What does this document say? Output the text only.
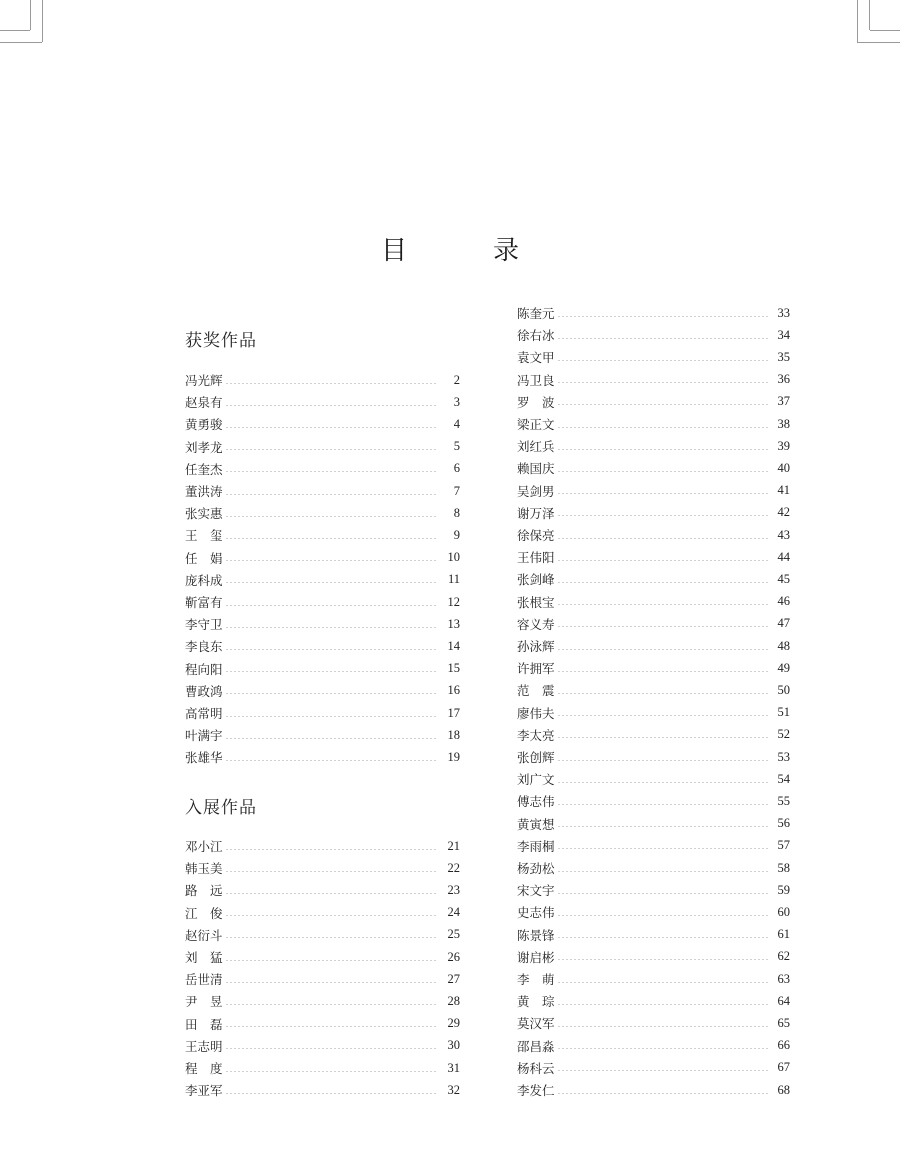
目　录
获奖作品
冯光辉	2
赵泉有	3
黄勇骏	4
刘孝龙	5
任奎杰	6
董洪涛	7
张实惠	8
王　玺	9
任　娟	10
庞科成	11
靳富有	12
李守卫	13
李良东	14
程向阳	15
曹政鸿	16
高常明	17
叶满宇	18
张雄华	19
入展作品
邓小江	21
韩玉美	22
路　远	23
江　俊	24
赵衍斗	25
刘　猛	26
岳世清	27
尹　昱	28
田　磊	29
王志明	30
程　度	31
李亚军	32
陈奎元	33
徐右冰	34
袁文甲	35
冯卫良	36
罗　波	37
梁正文	38
刘红兵	39
赖国庆	40
吴剑男	41
谢万泽	42
徐保亮	43
王伟阳	44
张剑峰	45
张根宝	46
容义寿	47
孙泳辉	48
许拥军	49
范　震	50
廖伟夫	51
李太亮	52
张创辉	53
刘广文	54
傅志伟	55
黄寅想	56
李雨桐	57
杨劲松	58
宋文宇	59
史志伟	60
陈景锋	61
谢启彬	62
李　萌	63
黄　琮	64
莫汉军	65
邵昌淼	66
杨科云	67
李发仁	68
